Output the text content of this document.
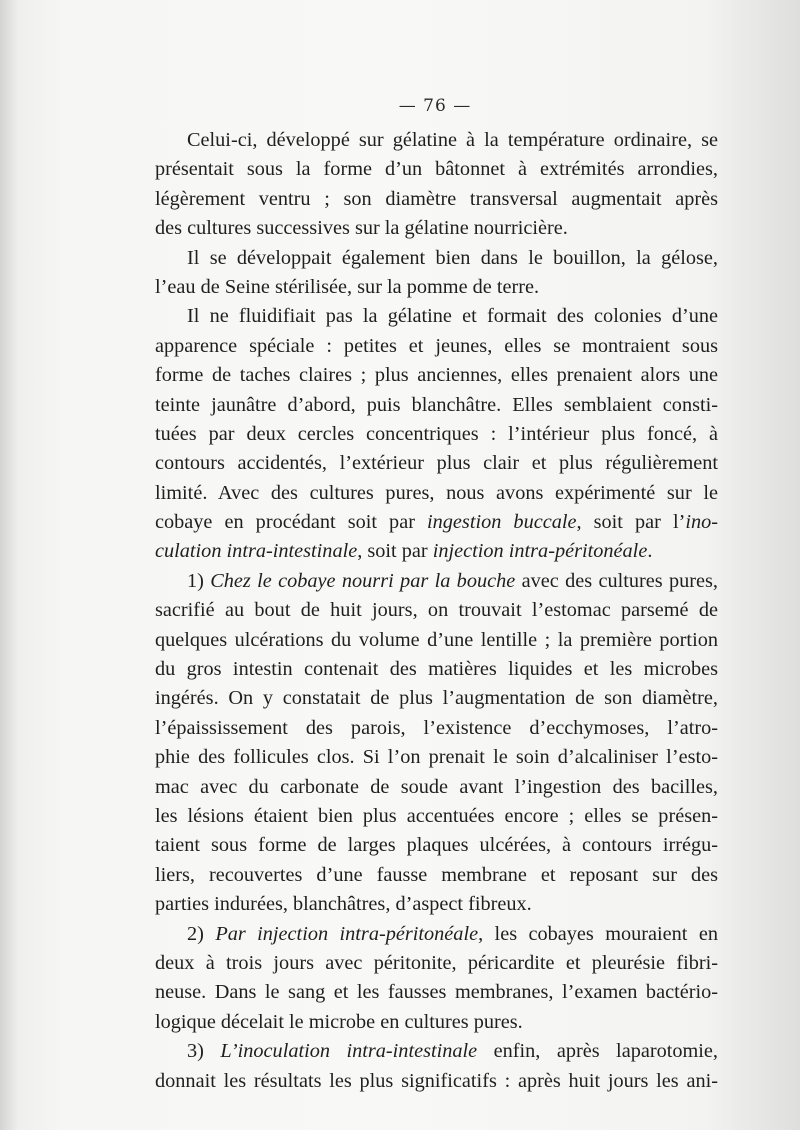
— 76 —
Celui-ci, développé sur gélatine à la température ordinaire, se
présentait sous la forme d’un bâtonnet à extrémités arrondies,
légèrement ventru ; son diamètre transversal augmentait après
des cultures successives sur la gélatine nourricière.
Il se développait également bien dans le bouillon, la gélose,
l’eau de Seine stérilisée, sur la pomme de terre.
Il ne fluidifiait pas la gélatine et formait des colonies d’une
apparence spéciale : petites et jeunes, elles se montraient sous
forme de taches claires ; plus anciennes, elles prenaient alors une
teinte jaunâtre d’abord, puis blanchâtre. Elles semblaient consti-
tuées par deux cercles concentriques : l’intérieur plus foncé, à
contours accidentés, l’extérieur plus clair et plus régulièrement
limité. Avec des cultures pures, nous avons expérimenté sur le
cobaye en procédant soit par ingestion buccale, soit par l’ino-
culation intra-intestinale, soit par injection intra-péritonéale.
1) Chez le cobaye nourri par la bouche avec des cultures pures,
sacrifié au bout de huit jours, on trouvait l’estomac parsemé de
quelques ulcérations du volume d’une lentille ; la première portion
du gros intestin contenait des matières liquides et les microbes
ingérés. On y constatait de plus l’augmentation de son diamètre,
l’épaississement des parois, l’existence d’ecchymoses, l’atro-
phie des follicules clos. Si l’on prenait le soin d’alcaliniser l’esto-
mac avec du carbonate de soude avant l’ingestion des bacilles,
les lésions étaient bien plus accentuées encore ; elles se présen-
taient sous forme de larges plaques ulcérées, à contours irrégu-
liers, recouvertes d’une fausse membrane et reposant sur des
parties indurées, blanchâtres, d’aspect fibreux.
2) Par injection intra-péritonéale, les cobayes mouraient en
deux à trois jours avec péritonite, péricardite et pleurésie fibri-
neuse. Dans le sang et les fausses membranes, l’examen bactério-
logique décelait le microbe en cultures pures.
3) L’inoculation intra-intestinale enfin, après laparotomie,
donnait les résultats les plus significatifs : après huit jours les ani-
